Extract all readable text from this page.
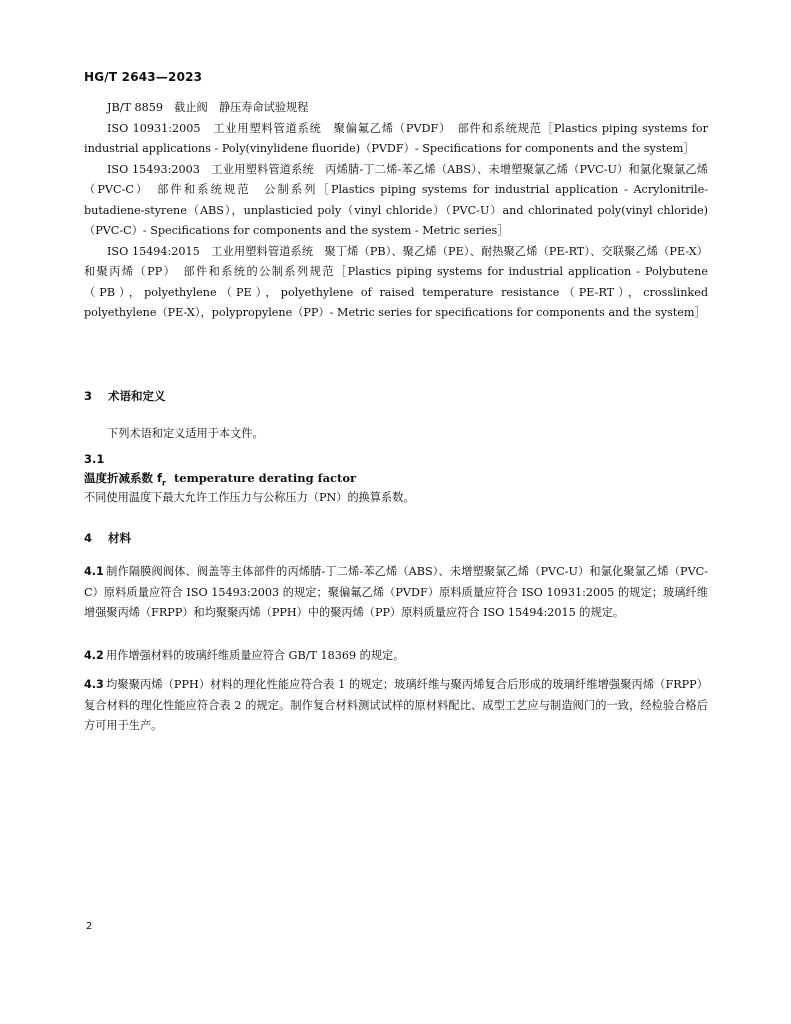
HG/T 2643—2023

JB/T 8859　截止阀　静压寿命试验规程

ISO 10931:2005　工业用塑料管道系统　聚偏氟乙烯（PVDF）　部件和系统规范［Plastics piping systems for industrial applications - Poly(vinylidene fluoride)（PVDF）- Specifications for components and the system］

ISO 15493:2003　工业用塑料管道系统　丙烯腈-丁二烯-苯乙烯（ABS）、未增塑聚氯乙烯（PVC-U）和氯化聚氯乙烯（PVC-C）　部件和系统规范　公制系列［Plastics piping systems for industrial application - Acrylonitrile-butadiene-styrene（ABS），unplasticied poly（vinyl chloride）（PVC-U）and chlorinated poly(vinyl chloride)（PVC-C）- Specifications for components and the system - Metric series］

ISO 15494:2015　工业用塑料管道系统　聚丁烯（PB）、聚乙烯（PE）、耐热聚乙烯（PE-RT）、交联聚乙烯（PE-X）和聚丙烯（PP）　部件和系统的公制系列规范［Plastics piping systems for industrial application - Polybutene（PB），polyethylene（PE），polyethylene of raised temperature resistance（PE-RT），crosslinked polyethylene（PE-X），polypropylene（PP）- Metric series for specifications for components and the system］

3 术语和定义
下列术语和定义适用于本文件。
3.1
温度折减系数 $f_r$ temperature derating factor
不同使用温度下最大允许工作压力与公称压力（PN）的换算系数。
4 材料
4.1 制作隔膜阀阀体、阀盖等主体部件的丙烯腈-丁二烯-苯乙烯（ABS）、未增塑聚氯乙烯（PVC-U）和氯化聚氯乙烯（PVC-C）原料质量应符合 ISO 15493:2003 的规定；聚偏氟乙烯（PVDF）原料质量应符合 ISO 10931:2005 的规定；玻璃纤维增强聚丙烯（FRPP）和均聚聚丙烯（PPH）中的聚丙烯（PP）原料质量应符合 ISO 15494:2015 的规定。
4.2 用作增强材料的玻璃纤维质量应符合 GB/T 18369 的规定。
4.3 均聚聚丙烯（PPH）材料的理化性能应符合表 1 的规定；玻璃纤维与聚丙烯复合后形成的玻璃纤维增强聚丙烯（FRPP）复合材料的理化性能应符合表 2 的规定。制作复合材料测试试样的原材料配比、成型工艺应与制造阀门的一致，经检验合格后方可用于生产。
2
